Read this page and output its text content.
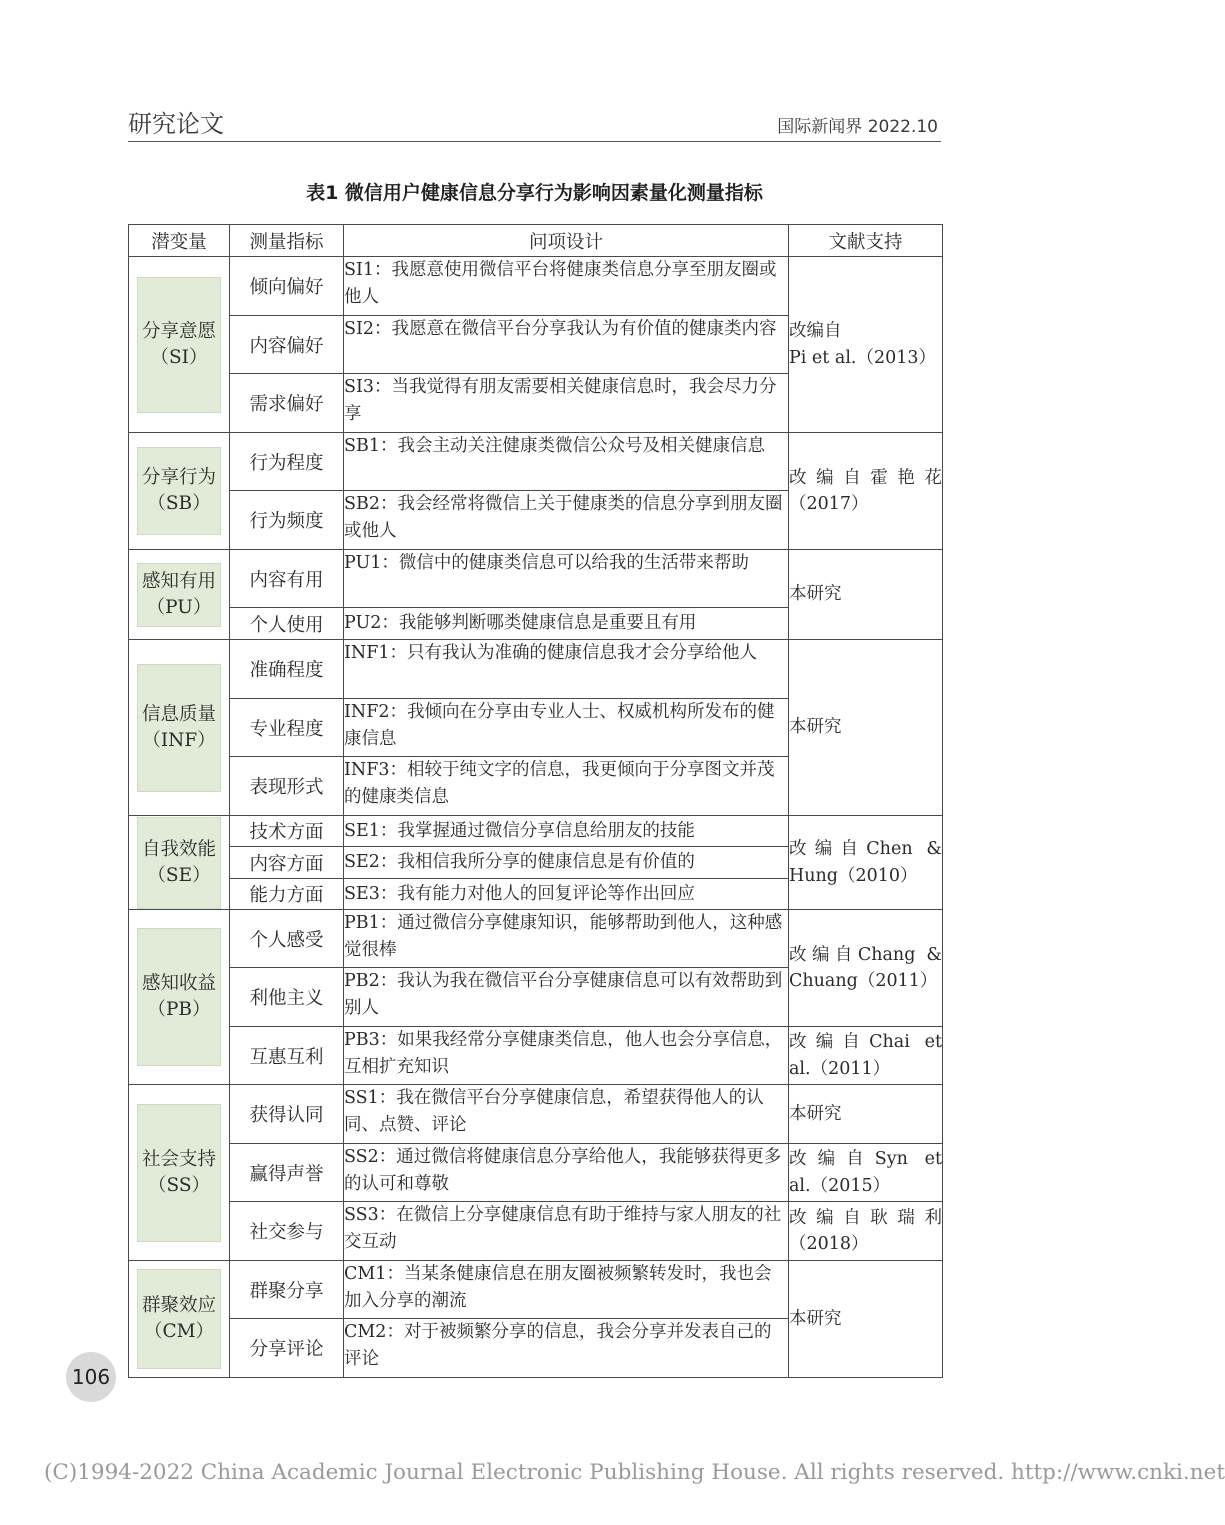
研究论文	国际新闻界 2022.10
表1 微信用户健康信息分享行为影响因素量化测量指标
潜变量	测量指标	问项设计	文献支持

分享意愿
（SI）	倾向偏好	SI1：我愿意使用微信平台将健康类信息分享至朋友圈或他人	改编自
Pi et al.（2013）
	内容偏好	SI2：我愿意在微信平台分享我认为有价值的健康类内容	
	需求偏好	SI3：当我觉得有朋友需要相关健康信息时，我会尽力分享	

分享行为
（SB）	行为程度	SB1：我会主动关注健康类微信公众号及相关健康信息	改编自霍艳花
（2017）
	行为频度	SB2：我会经常将微信上关于健康类的信息分享到朋友圈或他人	

感知有用
（PU）	内容有用	PU1：微信中的健康类信息可以给我的生活带来帮助	本研究
	个人使用	PU2：我能够判断哪类健康信息是重要且有用	

信息质量
（INF）	准确程度	INF1：只有我认为准确的健康信息我才会分享给他人	本研究
	专业程度	INF2：我倾向在分享由专业人士、权威机构所发布的健康信息	
	表现形式	INF3：相较于纯文字的信息，我更倾向于分享图文并茂的健康类信息	

自我效能
（SE）	技术方面	SE1：我掌握通过微信分享信息给朋友的技能	改编自Chen &
Hung（2010）
	内容方面	SE2：我相信我所分享的健康信息是有价值的	
	能力方面	SE3：我有能力对他人的回复评论等作出回应	

感知收益
（PB）	个人感受	PB1：通过微信分享健康知识，能够帮助到他人，这种感觉很棒	改编自Chang &
Chuang（2011）
	利他主义	PB2：我认为我在微信平台分享健康信息可以有效帮助到别人	
	互惠互利	PB3：如果我经常分享健康类信息，他人也会分享信息，互相扩充知识	改编自Chai et
al.（2011）

社会支持
（SS）	获得认同	SS1：我在微信平台分享健康信息，希望获得他人的认同、点赞、评论	本研究
	赢得声誉	SS2：通过微信将健康信息分享给他人，我能够获得更多的认可和尊敬	改编自Syn et
al.（2015）
	社交参与	SS3：在微信上分享健康信息有助于维持与家人朋友的社交互动	改编自耿瑞利
（2018）

群聚效应
（CM）	群聚分享	CM1：当某条健康信息在朋友圈被频繁转发时，我也会加入分享的潮流	本研究
	分享评论	CM2：对于被频繁分享的信息，我会分享并发表自己的评论	
106
(C)1994-2022 China Academic Journal Electronic Publishing House. All rights reserved. http://www.cnki.net
